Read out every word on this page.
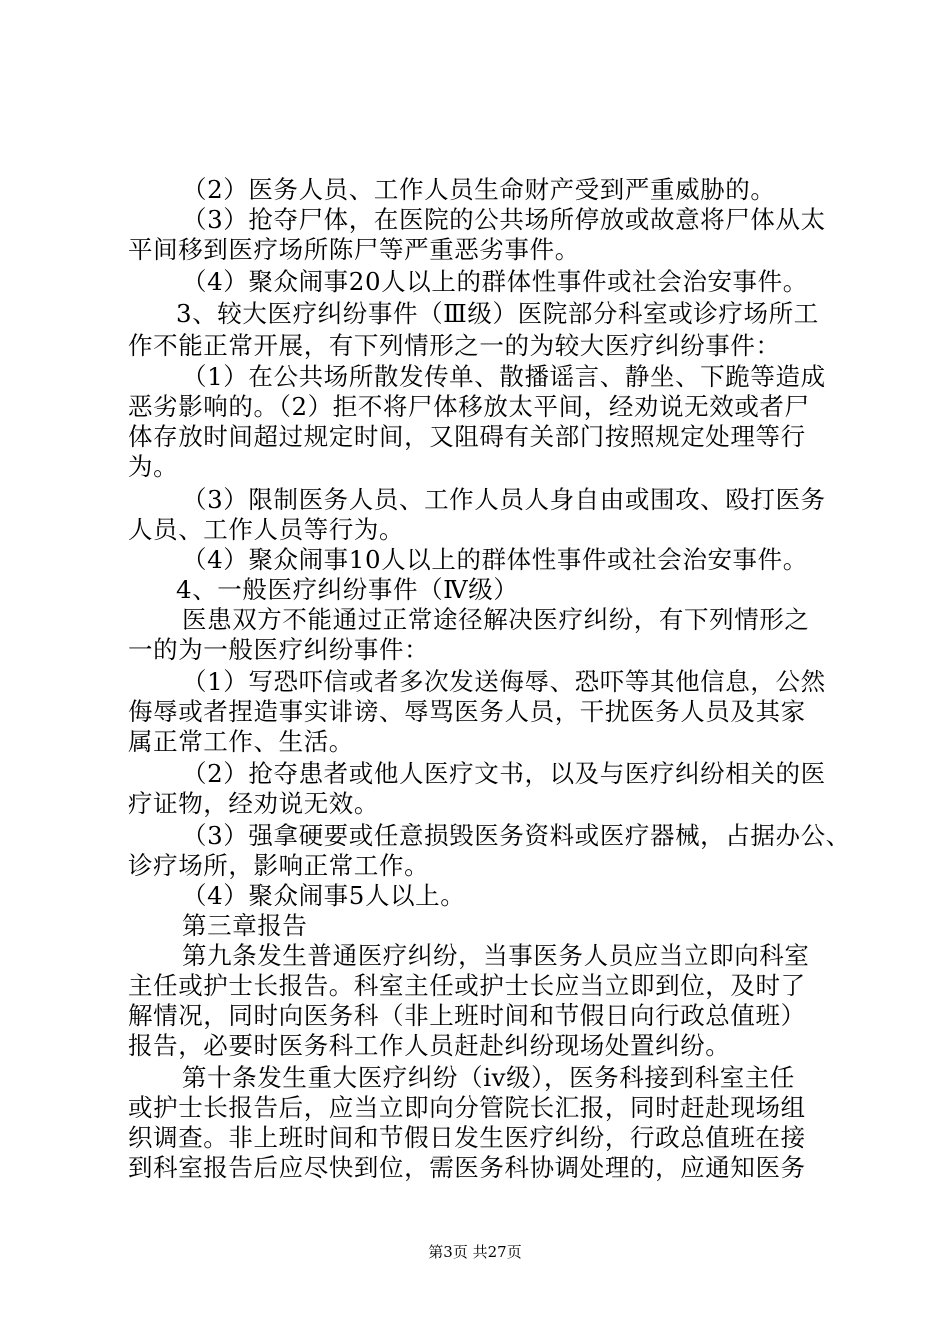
（2）医务人员、工作人员生命财产受到严重威胁的。
（3）抢夺尸体，在医院的公共场所停放或故意将尸体从太
平间移到医疗场所陈尸等严重恶劣事件。
（4）聚众闹事20人以上的群体性事件或社会治安事件。
3、较大医疗纠纷事件（Ⅲ级）医院部分科室或诊疗场所工
作不能正常开展，有下列情形之一的为较大医疗纠纷事件：
（1）在公共场所散发传单、散播谣言、静坐、下跪等造成
恶劣影响的。（2）拒不将尸体移放太平间，经劝说无效或者尸
体存放时间超过规定时间，又阻碍有关部门按照规定处理等行
为。
（3）限制医务人员、工作人员人身自由或围攻、殴打医务
人员、工作人员等行为。
（4）聚众闹事10人以上的群体性事件或社会治安事件。
4、一般医疗纠纷事件（Ⅳ级）
医患双方不能通过正常途径解决医疗纠纷，有下列情形之
一的为一般医疗纠纷事件：
（1）写恐吓信或者多次发送侮辱、恐吓等其他信息，公然
侮辱或者捏造事实诽谤、辱骂医务人员，干扰医务人员及其家
属正常工作、生活。
（2）抢夺患者或他人医疗文书，以及与医疗纠纷相关的医
疗证物，经劝说无效。
（3）强拿硬要或任意损毁医务资料或医疗器械，占据办公、
诊疗场所，影响正常工作。
（4）聚众闹事5人以上。
第三章报告
第九条发生普通医疗纠纷，当事医务人员应当立即向科室
主任或护士长报告。科室主任或护士长应当立即到位，及时了
解情况，同时向医务科（非上班时间和节假日向行政总值班）
报告，必要时医务科工作人员赶赴纠纷现场处置纠纷。
第十条发生重大医疗纠纷（iv级），医务科接到科室主任
或护士长报告后，应当立即向分管院长汇报，同时赶赴现场组
织调查。非上班时间和节假日发生医疗纠纷，行政总值班在接
到科室报告后应尽快到位，需医务科协调处理的，应通知医务
第3页 共27页
